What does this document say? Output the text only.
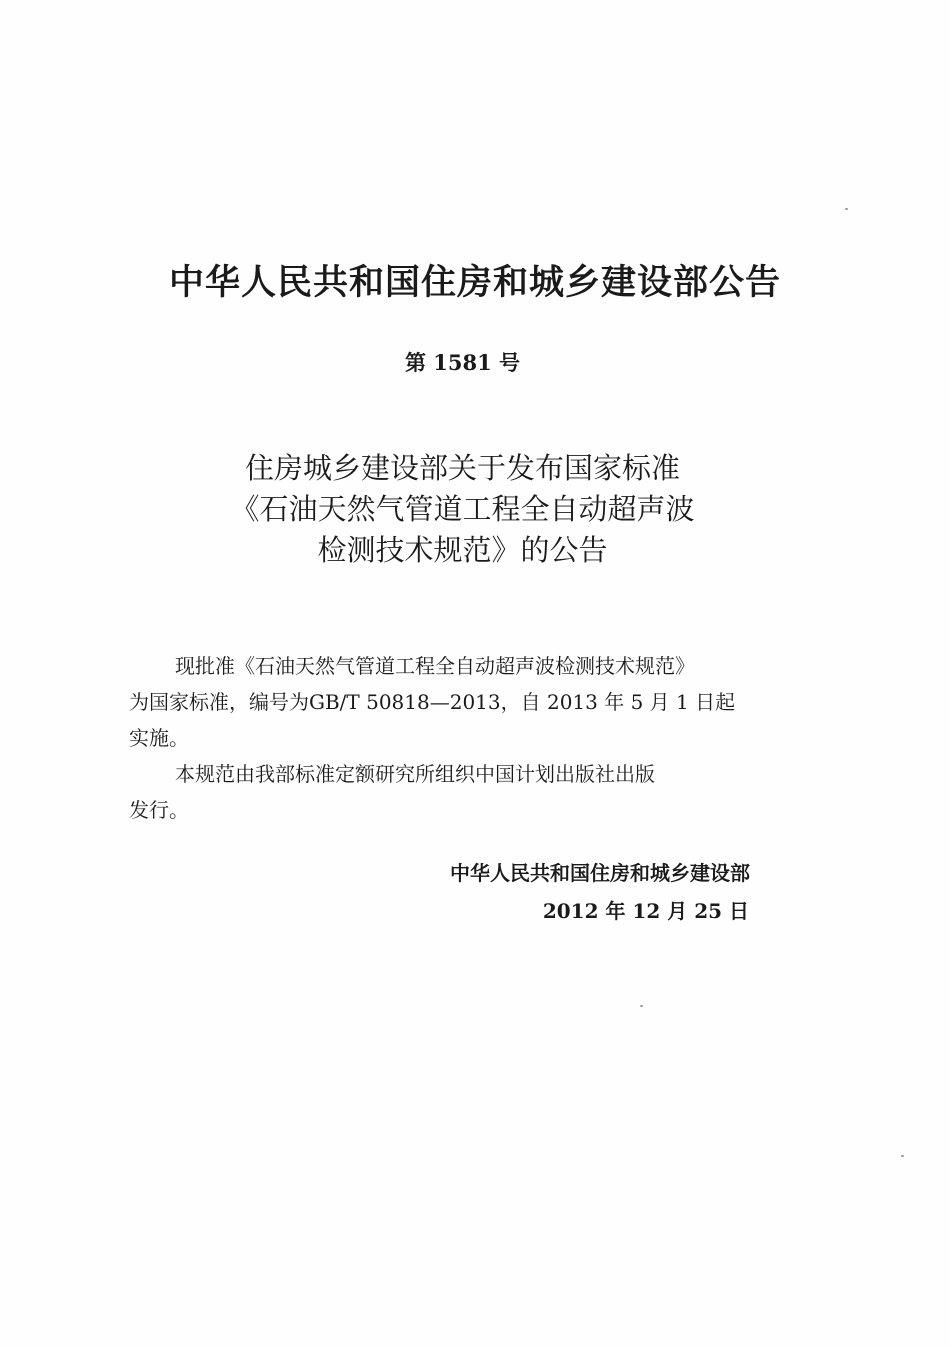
中华人民共和国住房和城乡建设部公告
第 1581 号
住房城乡建设部关于发布国家标准
《石油天然气管道工程全自动超声波
检测技术规范》的公告
现批准《石油天然气管道工程全自动超声波检测技术规范》
为国家标准，编号为GB/T 50818—2013，自 2013 年 5 月 1 日起
实施。
本规范由我部标准定额研究所组织中国计划出版社出版
发行。
中华人民共和国住房和城乡建设部
2012 年 12 月 25 日
